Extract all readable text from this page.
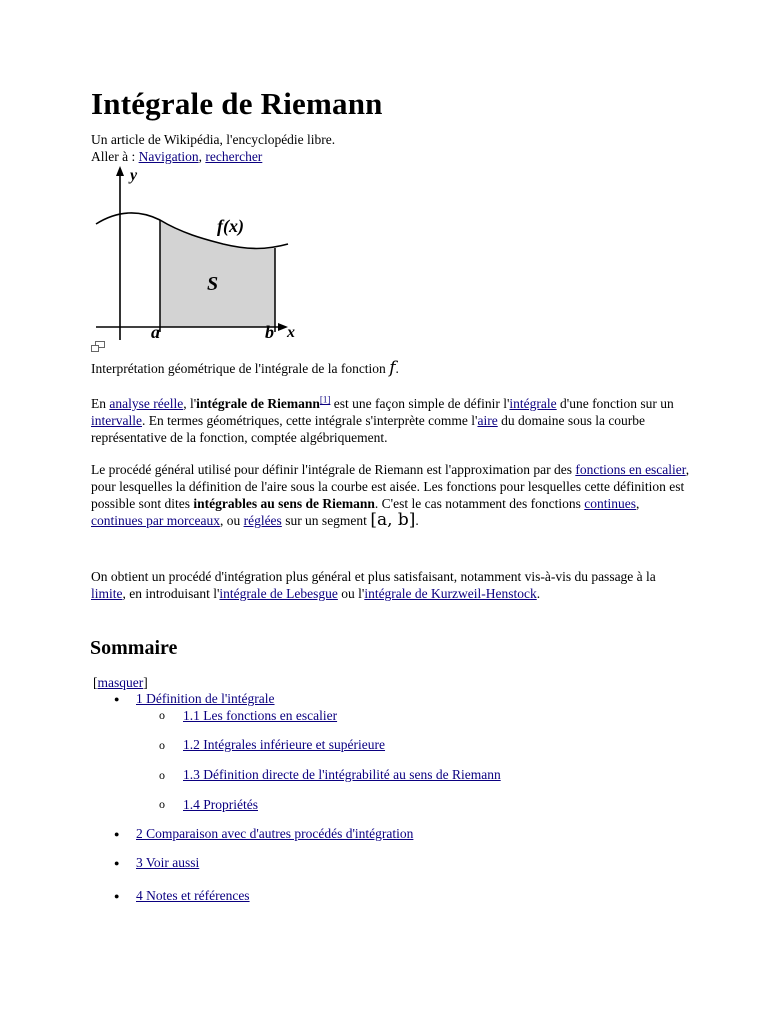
Intégrale de Riemann
Un article de Wikipédia, l'encyclopédie libre.
Aller à : Navigation, rechercher
y
x
f(x)
S
a	b
Interprétation géométrique de l'intégrale de la fonction f.
En analyse réelle, l'intégrale de Riemann[1] est une façon simple de définir l'intégrale d'une fonction sur un intervalle. En termes géométriques, cette intégrale s'interprète comme l'aire du domaine sous la courbe représentative de la fonction, comptée algébriquement.
Le procédé général utilisé pour définir l'intégrale de Riemann est l'approximation par des fonctions en escalier, pour lesquelles la définition de l'aire sous la courbe est aisée. Les fonctions pour lesquelles cette définition est possible sont dites intégrables au sens de Riemann. C'est le cas notamment des fonctions continues, continues par morceaux, ou réglées sur un segment [a, b].
On obtient un procédé d'intégration plus général et plus satisfaisant, notamment vis-à-vis du passage à la limite, en introduisant l'intégrale de Lebesgue ou l'intégrale de Kurzweil-Henstock.
Sommaire
[masquer]
● 1 Définition de l'intégrale
o 1.1 Les fonctions en escalier
o 1.2 Intégrales inférieure et supérieure
o 1.3 Définition directe de l'intégrabilité au sens de Riemann
o 1.4 Propriétés
● 2 Comparaison avec d'autres procédés d'intégration
● 3 Voir aussi
● 4 Notes et références
